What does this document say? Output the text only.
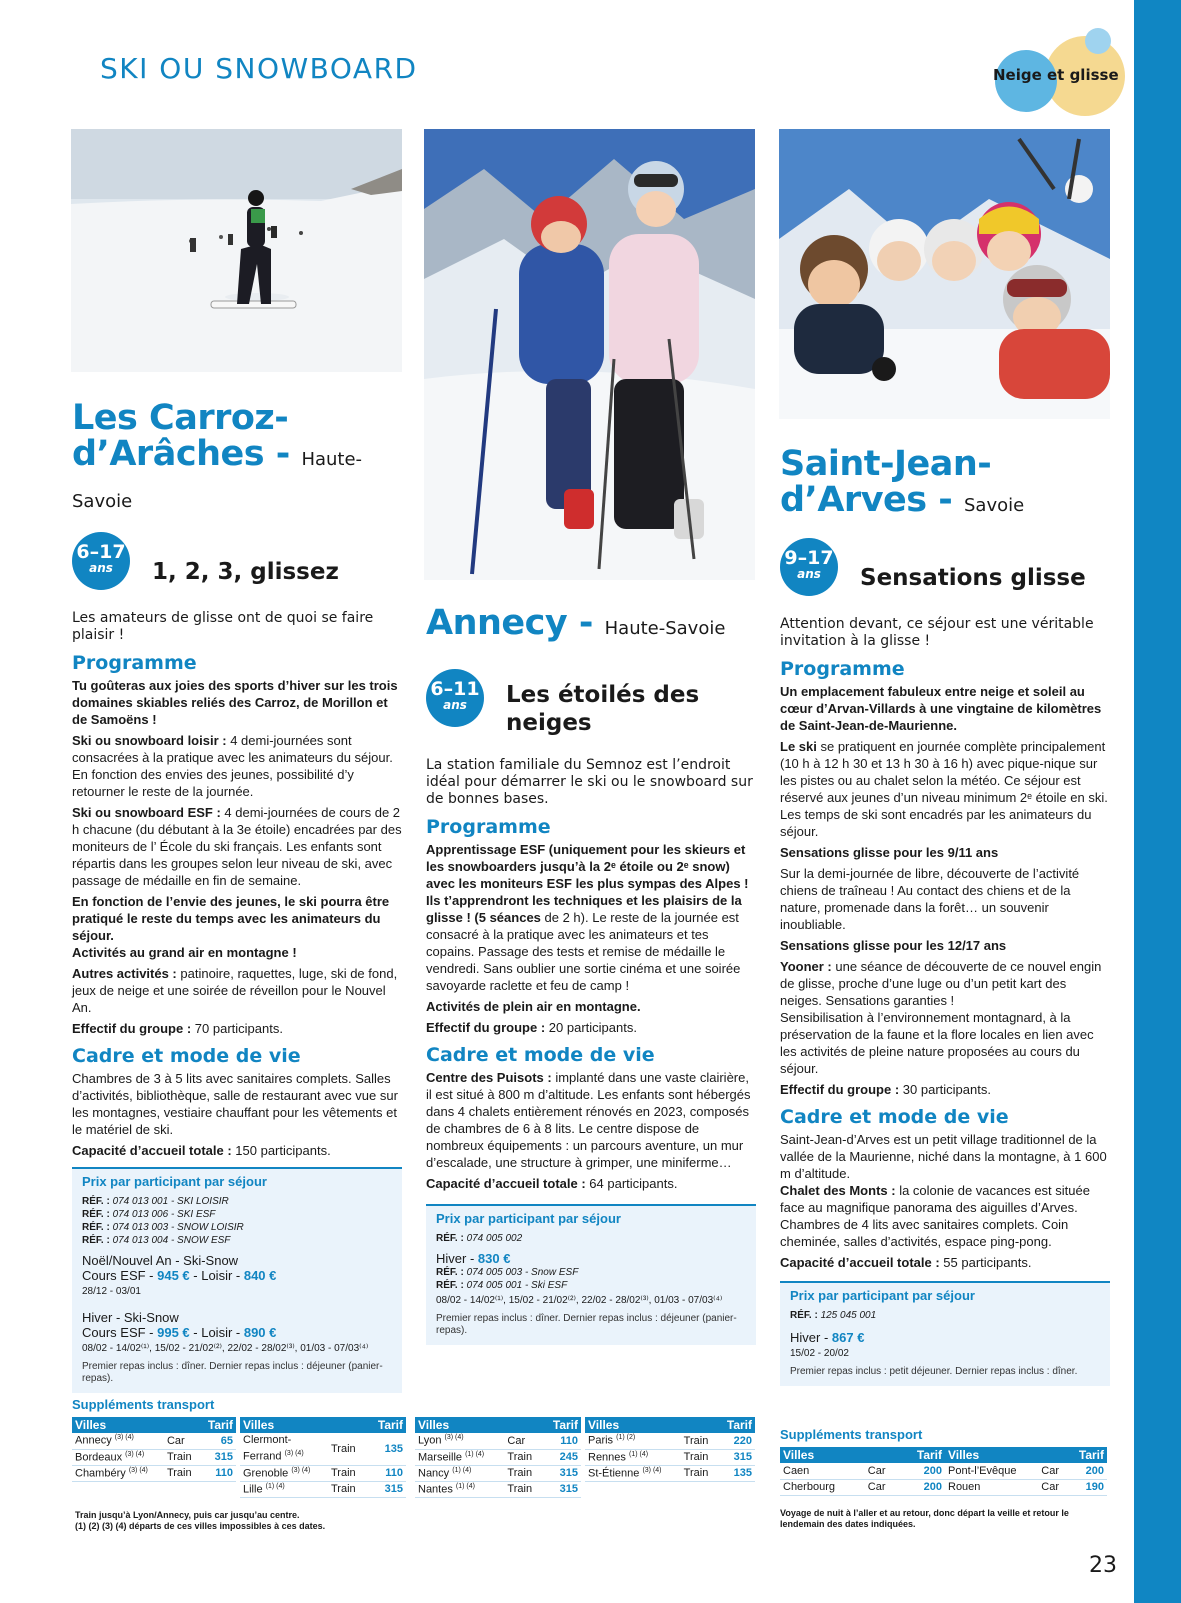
SKI OU SNOWBOARD	Neige et glisse
Les Carroz-
d’Arâches - Haute-Savoie
6–17
ans	1, 2, 3, glissez
Les amateurs de glisse ont de quoi se faire plaisir !
Programme

Tu goûteras aux joies des sports d’hiver sur les trois domaines skiables reliés des Carroz, de Morillon et de Samoëns !

Ski ou snowboard loisir : 4 demi-journées sont consacrées à la pratique avec les animateurs du séjour. En fonction des envies des jeunes, possibilité d’y retourner le reste de la journée.

Ski ou snowboard ESF : 4 demi-journées de cours de 2 h chacune (du débutant à la 3e étoile) encadrées par des moniteurs de l’ École du ski français. Les enfants sont répartis dans les groupes selon leur niveau de ski, avec passage de médaille en fin de semaine.

En fonction de l’envie des jeunes, le ski pourra être pratiqué le reste du temps avec les animateurs du séjour.

Activités au grand air en montagne !

Autres activités : patinoire, raquettes, luge, ski de fond, jeux de neige et une soirée de réveillon pour le Nouvel An.

Effectif du groupe : 70 participants.

Cadre et mode de vie

Chambres de 3 à 5 lits avec sanitaires complets. Salles d’activités, bibliothèque, salle de restaurant avec vue sur les montagnes, vestiaire chauffant pour les vêtements et le matériel de ski.

Capacité d’accueil totale : 150 participants.

Prix par participant par séjour
RÉF. : 074 013 001 - SKI LOISIR
RÉF. : 074 013 006 - SKI ESF
RÉF. : 074 013 003 - SNOW LOISIR
RÉF. : 074 013 004 - SNOW ESF
Noël/Nouvel An - Ski-Snow
Cours ESF - 945 € - Loisir - 840 €
28/12 - 03/01
Hiver - Ski-Snow
Cours ESF - 995 € - Loisir - 890 €
08/02 - 14/02⁽¹⁾, 15/02 - 21/02⁽²⁾, 22/02 - 28/02⁽³⁾, 01/03 - 07/03⁽⁴⁾
Premier repas inclus : dîner. Dernier repas inclus : déjeuner (panier-repas).
Annecy - Haute-Savoie
6–11
ans	Les étoilés des neiges
La station familiale du Semnoz est l’endroit idéal pour démarrer le ski ou le snowboard sur de bonnes bases.
Programme

Apprentissage ESF (uniquement pour les skieurs et les snowboarders jusqu’à la 2ᵉ étoile ou 2ᵉ snow) avec les moniteurs ESF les plus sympas des Alpes ! Ils t’apprendront les techniques et les plaisirs de la glisse ! (5 séances de 2 h). Le reste de la journée est consacré à la pratique avec les animateurs et tes copains. Passage des tests et remise de médaille le vendredi. Sans oublier une sortie cinéma et une soirée savoyarde raclette et feu de camp !

Activités de plein air en montagne.

Effectif du groupe : 20 participants.

Cadre et mode de vie

Centre des Puisots : implanté dans une vaste clairière, il est situé à 800 m d’altitude. Les enfants sont hébergés dans 4 chalets entièrement rénovés en 2023, composés de chambres de 6 à 8 lits. Le centre dispose de nombreux équipements : un parcours aventure, un mur d’escalade, une structure à grimper, une miniferme…

Capacité d’accueil totale : 64 participants.

Prix par participant par séjour
RÉF. : 074 005 002
Hiver - 830 €
RÉF. : 074 005 003 - Snow ESF
RÉF. : 074 005 001 - Ski ESF
08/02 - 14/02⁽¹⁾, 15/02 - 21/02⁽²⁾, 22/02 - 28/02⁽³⁾, 01/03 - 07/03⁽⁴⁾
Premier repas inclus : dîner. Dernier repas inclus : déjeuner (panier-repas).
Saint-Jean-
d’Arves - Savoie
9–17
ans	Sensations glisse
Attention devant, ce séjour est une véritable invitation à la glisse !
Programme

Un emplacement fabuleux entre neige et soleil au cœur d’Arvan-Villards à une vingtaine de kilomètres de Saint-Jean-de-Maurienne.

Le ski se pratiquent en journée complète principalement (10 h à 12 h 30 et 13 h 30 à 16 h) avec pique-nique sur les pistes ou au chalet selon la météo. Ce séjour est réservé aux jeunes d’un niveau minimum 2ᵉ étoile en ski. Les temps de ski sont encadrés par les animateurs du séjour.

Sensations glisse pour les 9/11 ans

Sur la demi-journée de libre, découverte de l’activité chiens de traîneau ! Au contact des chiens et de la nature, promenade dans la forêt… un souvenir inoubliable.

Sensations glisse pour les 12/17 ans

Yooner : une séance de découverte de ce nouvel engin de glisse, proche d’une luge ou d’un petit kart des neiges. Sensations garanties !

Sensibilisation à l’environnement montagnard, à la préservation de la faune et la flore locales en lien avec les activités de pleine nature proposées au cours du séjour.

Effectif du groupe : 30 participants.

Cadre et mode de vie

Saint-Jean-d’Arves est un petit village traditionnel de la vallée de la Maurienne, niché dans la montagne, à 1 600 m d’altitude.

Chalet des Monts : la colonie de vacances est située face au magnifique panorama des aiguilles d’Arves. Chambres de 4 lits avec sanitaires complets. Coin cheminée, salles d’activités, espace ping-pong.

Capacité d’accueil totale : 55 participants.

Prix par participant par séjour
RÉF. : 125 045 001
Hiver - 867 €
15/02 - 20/02
Premier repas inclus : petit déjeuner. Dernier repas inclus : dîner.
Suppléments transport
Villes		Tarif
Annecy $^{(3) (4)}$	Car	65
Bordeaux $^{(3) (4)}$	Train	315
Chambéry $^{(3) (4)}$	Train	110
Villes		Tarif
Clermont-Ferrand $^{(3) (4)}$	Train	135
Grenoble $^{(3) (4)}$	Train	110
Lille $^{(1) (4)}$	Train	315
Villes		Tarif
Lyon $^{(3) (4)}$	Car	110
Marseille $^{(1) (4)}$	Train	245
Nancy $^{(1) (4)}$	Train	315
Nantes $^{(1) (4)}$	Train	315
Villes		Tarif
Paris $^{(1) (2)}$	Train	220
Rennes $^{(1) (4)}$	Train	315
St-Étienne $^{(3) (4)}$	Train	135
Train jusqu’à Lyon/Annecy, puis car jusqu’au centre.
(1) (2) (3) (4) départs de ces villes impossibles à ces dates.
Suppléments transport
Villes		Tarif
Caen	Car	200
Cherbourg	Car	200
Villes		Tarif
Pont-l’Evêque	Car	200
Rouen	Car	190
Voyage de nuit à l’aller et au retour, donc départ la veille et retour le lendemain des dates indiquées.
23
